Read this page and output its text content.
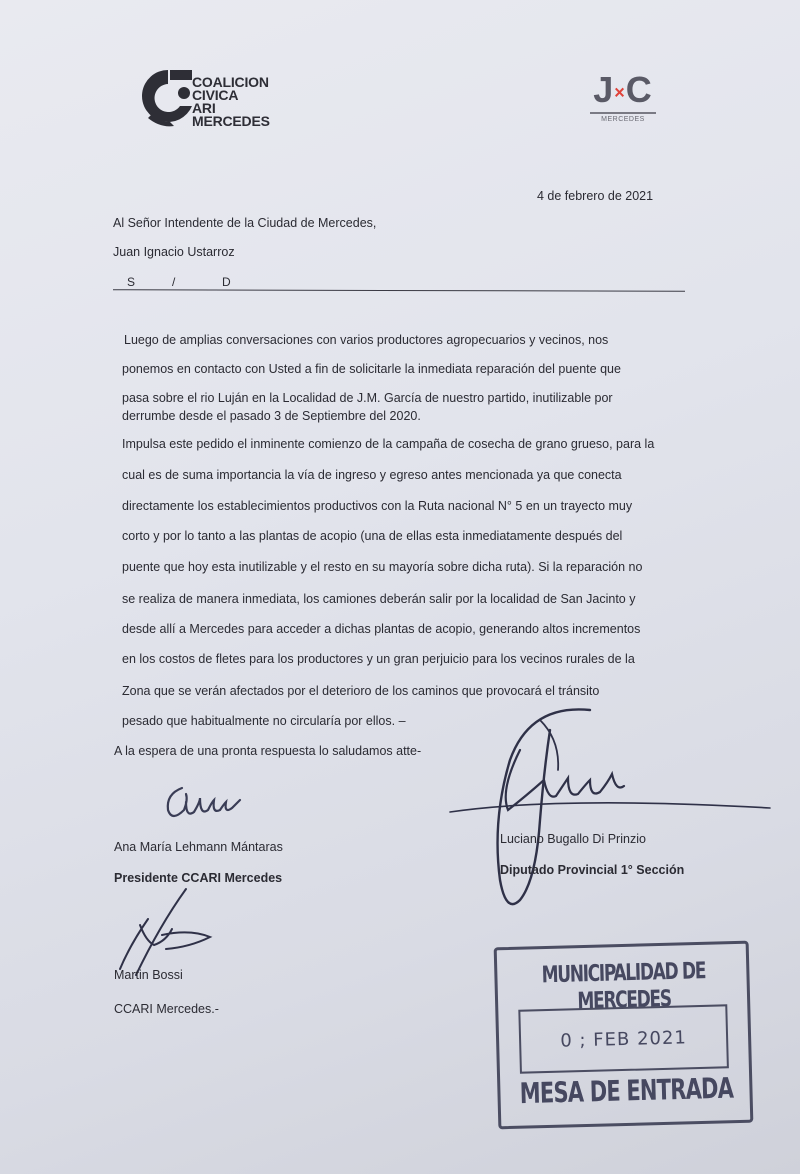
COALICION
CIVICA
ARI
MERCEDES
J×C
MERCEDES
4 de febrero de 2021
Al Señor Intendente de la Ciudad de Mercedes,
Juan Ignacio Ustarroz
S	/	D
Luego de amplias conversaciones con varios productores agropecuarios y vecinos, nos
ponemos en contacto con Usted a fin de solicitarle la inmediata reparación del puente que
pasa sobre el rio Luján en la Localidad de J.M. García de nuestro partido, inutilizable por
derrumbe desde el pasado 3 de Septiembre del 2020.
Impulsa este pedido el inminente comienzo de la campaña de cosecha de grano grueso, para la
cual es de suma importancia la vía de ingreso y egreso antes mencionada ya que conecta
directamente los establecimientos productivos con la Ruta nacional N° 5 en un trayecto muy
corto y por lo tanto a las plantas de acopio (una de ellas esta inmediatamente después del
puente que hoy esta inutilizable y el resto en su mayoría sobre dicha ruta). Si la reparación no
se realiza de manera inmediata, los camiones deberán salir por la localidad de San Jacinto y
desde allí a Mercedes para acceder a dichas plantas de acopio, generando altos incrementos
en los costos de fletes para los productores y un gran perjuicio para los vecinos rurales de la
Zona que se verán afectados por el deterioro de los caminos que provocará el tránsito
pesado que habitualmente no circularía por ellos. –
A la espera de una pronta respuesta lo saludamos atte-
Ana María Lehmann Mántaras
Presidente CCARI Mercedes
Luciano Bugallo Di Prinzio
Diputado Provincial 1° Sección
Martin Bossi
CCARI Mercedes.-
MUNICIPALIDAD DE MERCEDES
0 ; FEB 2021
MESA DE ENTRADA
